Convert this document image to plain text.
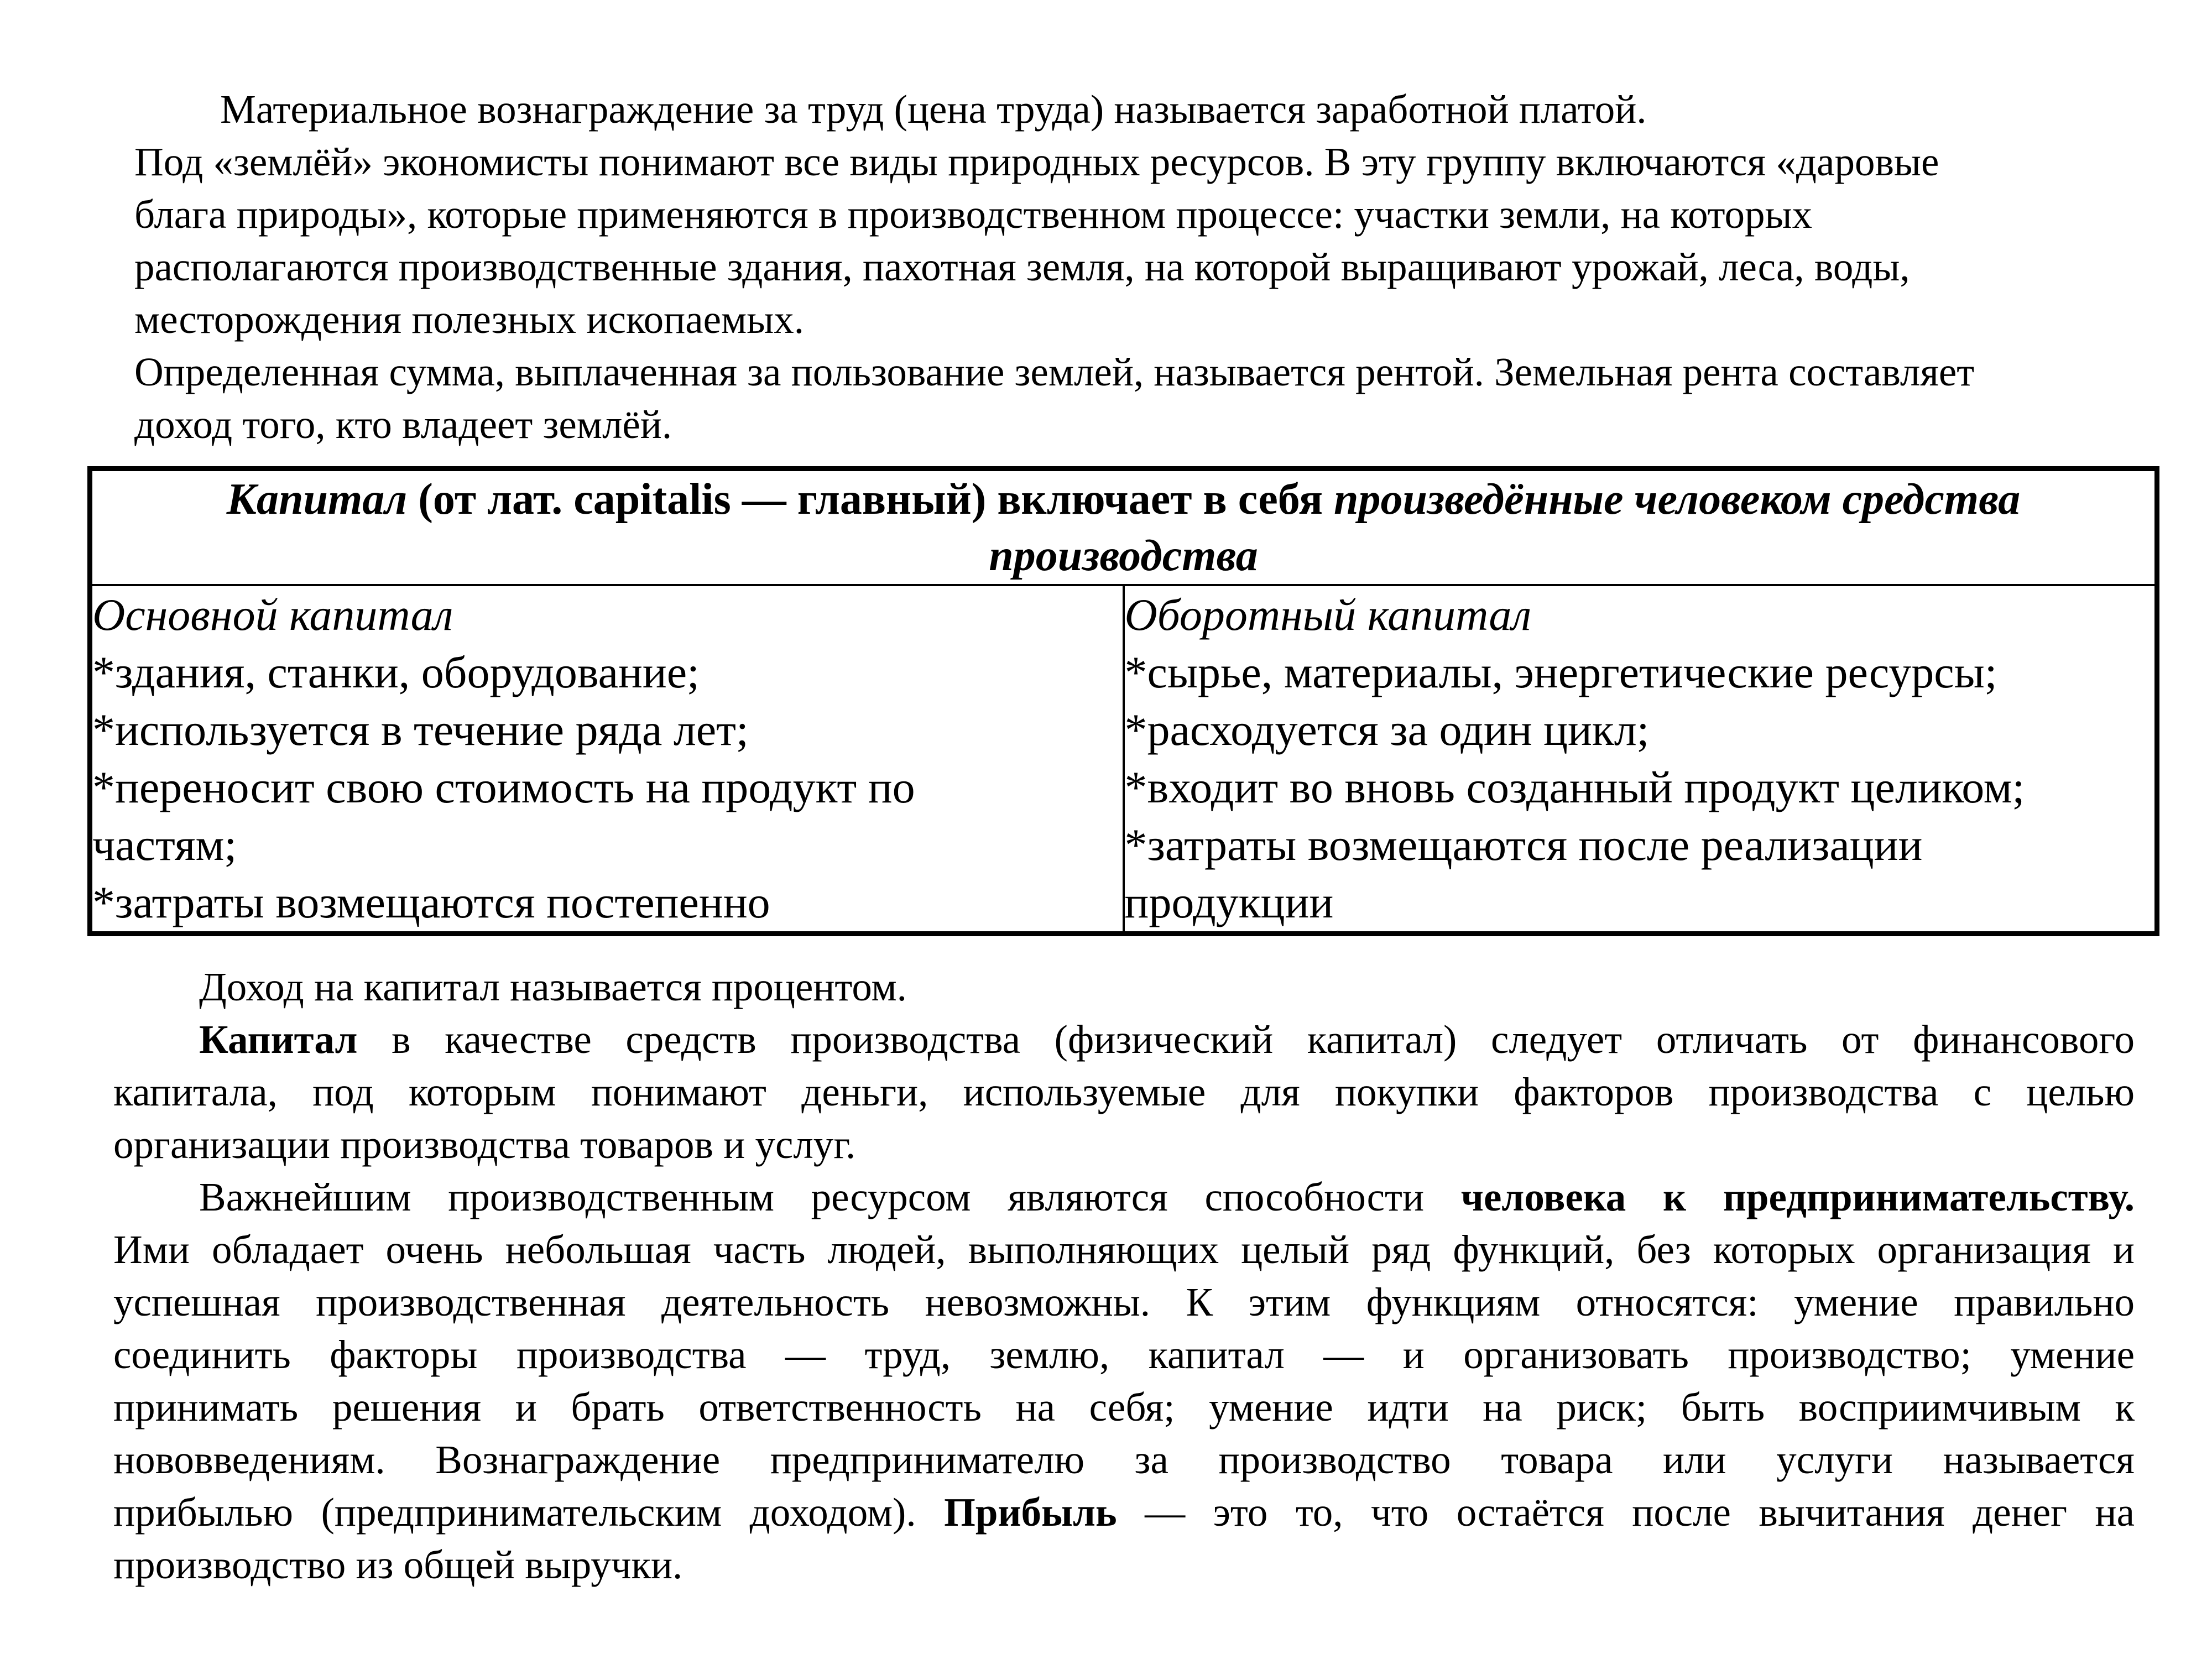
Материальное вознаграждение за труд (цена труда) называется заработной платой.
Под «землёй» экономисты понимают все виды природных ресурсов. В эту группу включаются «даровые
блага природы», которые применяются в производственном процессе: участки земли, на которых
располагаются производственные здания, пахотная земля, на которой выращивают урожай, леса, воды,
месторождения полезных ископаемых.
Определенная сумма, выплаченная за пользование землей, называется рентой. Земельная рента составляет
доход того, кто владеет землёй.
Капитал (от лат. capitalis — главный) включает в себя произведённые человеком средства
производства

Основной капитал
*здания, станки, оборудование;
*используется в течение ряда лет;
*переносит свою стоимость на продукт по
частям;
*затраты возмещаются постепенно

Оборотный капитал
*сырье, материалы, энергетические ресурсы;
*расходуется за один цикл;
*входит во вновь созданный продукт целиком;
*затраты возмещаются после реализации
продукции
Доход на капитал называется процентом.
Капитал в качестве средств производства (физический капитал) следует отличать от финансового
капитала, под которым понимают деньги, используемые для покупки факторов производства с целью
организации производства товаров и услуг.
Важнейшим производственным ресурсом являются способности человека к предпринимательству.
Ими обладает очень небольшая часть людей, выполняющих целый ряд функций, без которых организация и
успешная производственная деятельность невозможны. К этим функциям относятся: умение правильно
соединить факторы производства — труд, землю, капитал — и организовать производство; умение
принимать решения и брать ответственность на себя; умение идти на риск; быть восприимчивым к
нововведениям. Вознаграждение предпринимателю за производство товара или услуги называется
прибылью (предпринимательским доходом). Прибыль — это то, что остаётся после вычитания денег на
производство из общей выручки.
